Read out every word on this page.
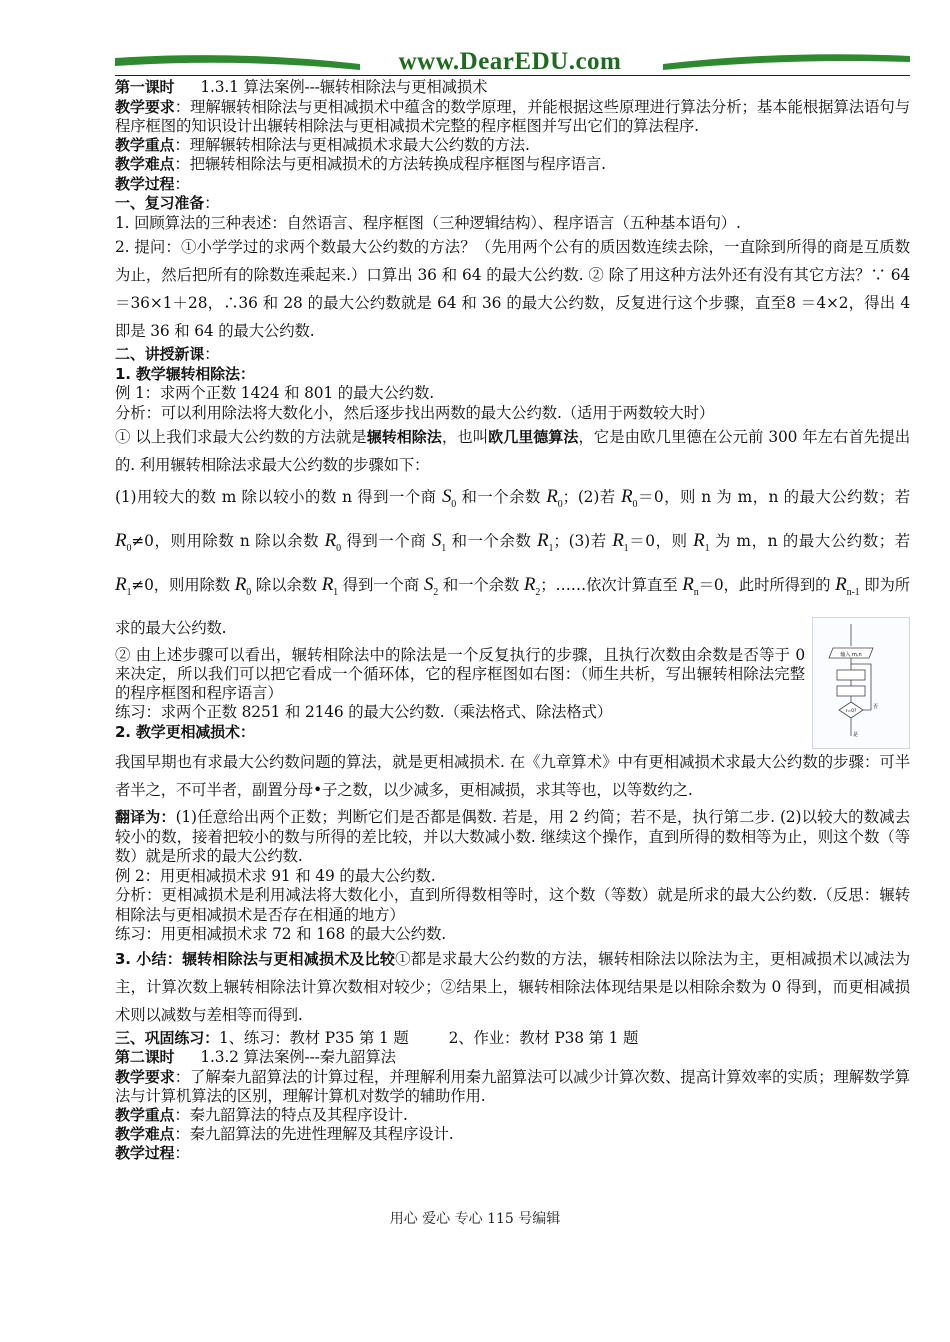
www.DearEDU.com

第一课时 1.3.1 算法案例---辗转相除法与更相减损术

教学要求：理解辗转相除法与更相减损术中蕴含的数学原理，并能根据这些原理进行算法分析；基本能根据算法语句与程序框图的知识设计出辗转相除法与更相减损术完整的程序框图并写出它们的算法程序.

教学重点：理解辗转相除法与更相减损术求最大公约数的方法.

教学难点：把辗转相除法与更相减损术的方法转换成程序框图与程序语言.

教学过程：

一、复习准备：

1. 回顾算法的三种表述：自然语言、程序框图（三种逻辑结构）、程序语言（五种基本语句）.

2. 提问：①小学学过的求两个数最大公约数的方法？（先用两个公有的质因数连续去除，一直除到所得的商是互质数为止，然后把所有的除数连乘起来.）口算出 36 和 64 的最大公约数. ② 除了用这种方法外还有没有其它方法？∵ 64 ＝36×1＋28，∴36 和 28 的最大公约数就是 64 和 36 的最大公约数，反复进行这个步骤，直至8 ＝4×2，得出 4 即是 36 和 64 的最大公约数.

二、讲授新课：

1. 教学辗转相除法：

例 1：求两个正数 1424 和 801 的最大公约数.

分析：可以利用除法将大数化小，然后逐步找出两数的最大公约数.（适用于两数较大时）

① 以上我们求最大公约数的方法就是辗转相除法，也叫欧几里德算法，它是由欧几里德在公元前 300 年左右首先提出的. 利用辗转相除法求最大公约数的步骤如下：

(1)用较大的数 m 除以较小的数 n 得到一个商 $S_0$ 和一个余数 $R_0$；(2)若 $R_0=0$，则 n 为 m，n 的最大公约数；若 $R_0\ne 0$，则用除数 n 除以余数 $R_0$ 得到一个商 $S_1$ 和一个余数 $R_1$；(3)若 $R_1=0$，则 $R_1$ 为 m，n 的最大公约数；若 $R_1\ne 0$，则用除数 $R_0$ 除以余数 $R_1$ 得到一个商 $S_2$ 和一个余数 $R_2$；……依次计算直至 $R_n=0$，此时所得到的 $R_{n-1}$ 即为所求的最大公约数.

② 由上述步骤可以看出，辗转相除法中的除法是一个反复执行的步骤，且执行次数由余数是否等于 0 来决定，所以我们可以把它看成一个循环体，它的程序框图如右图：（师生共析，写出辗转相除法完整的程序框图和程序语言）

练习：求两个正数 8251 和 2146 的最大公约数.（乘法格式、除法格式）

2. 教学更相减损术：

我国早期也有求最大公约数问题的算法，就是更相减损术. 在《九章算术》中有更相减损术求最大公约数的步骤：可半者半之，不可半者，副置分母•子之数，以少减多，更相减损，求其等也，以等数约之.

翻译为：(1)任意给出两个正数；判断它们是否都是偶数. 若是，用 2 约简；若不是，执行第二步. (2)以较大的数减去较小的数，接着把较小的数与所得的差比较，并以大数减小数. 继续这个操作，直到所得的数相等为止，则这个数（等数）就是所求的最大公约数.

例 2：用更相减损术求 91 和 49 的最大公约数.

分析：更相减损术是利用减法将大数化小，直到所得数相等时，这个数（等数）就是所求的最大公约数.（反思：辗转相除法与更相减损术是否存在相通的地方）

练习：用更相减损术求 72 和 168 的最大公约数.

3. 小结：辗转相除法与更相减损术及比较①都是求最大公约数的方法，辗转相除法以除法为主，更相减损术以减法为主，计算次数上辗转相除法计算次数相对较少；②结果上，辗转相除法体现结果是以相除余数为 0 得到，而更相减损术则以减数与差相等而得到.

三、巩固练习：1、练习：教材 P35 第 1 题	2、作业：教材 P38 第 1 题

第二课时 1.3.2 算法案例---秦九韶算法

教学要求：了解秦九韶算法的计算过程，并理解利用秦九韶算法可以减少计算次数、提高计算效率的实质；理解数学算法与计算机算法的区别，理解计算机对数学的辅助作用.

教学重点：秦九韶算法的特点及其程序设计.

教学难点：秦九韶算法的先进性理解及其程序设计.

教学过程：

输入 m,n
r=0?
否
是
用心 爱心 专心 115 号编辑
